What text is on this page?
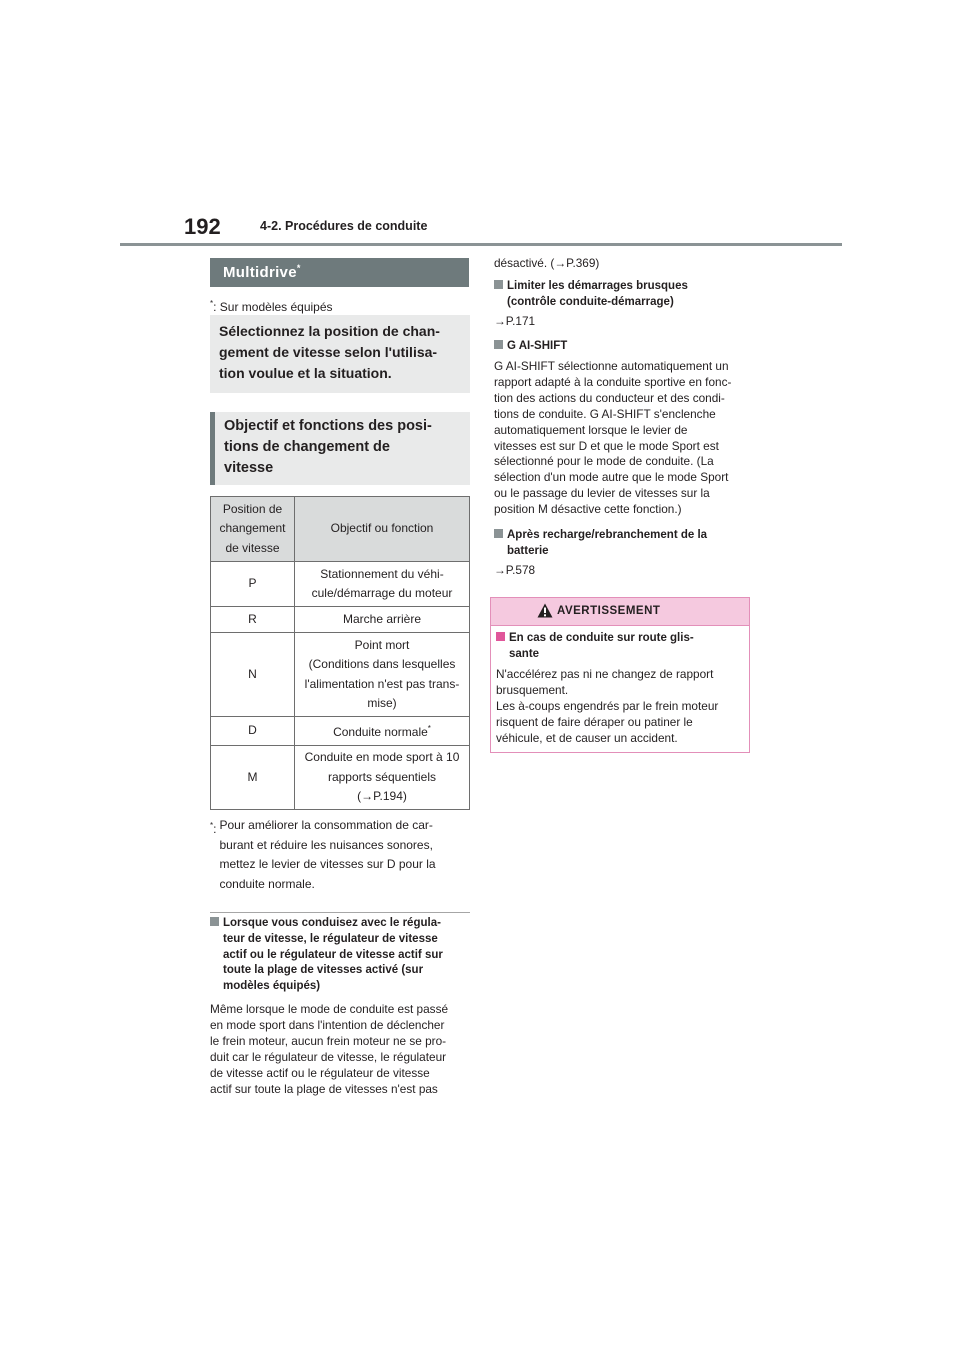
192	4-2. Procédures de conduite
Multidrive*
*: Sur modèles équipés
Sélectionnez la position de chan-
gement de vitesse selon l'utilisa-
tion voulue et la situation.
Objectif et fonctions des posi-
tions de changement de
vitesse
Position de
changement
de vitesse	Objectif ou fonction
P	Stationnement du véhi-
cule/démarrage du moteur

R	Marche arrière

N	Point mort
(Conditions dans lesquelles
l'alimentation n'est pas trans-
mise)

D	Conduite normale*
M	Conduite en mode sport à 10
rapports séquentiels
(→P.194)
*: Pour améliorer la consommation de car-
burant et réduire les nuisances sonores,
mettez le levier de vitesses sur D pour la
conduite normale.
Lorsque vous conduisez avec le régula-
teur de vitesse, le régulateur de vitesse
actif ou le régulateur de vitesse actif sur
toute la plage de vitesses activé (sur
modèles équipés)
Même lorsque le mode de conduite est passé
en mode sport dans l'intention de déclencher
le frein moteur, aucun frein moteur ne se pro-
duit car le régulateur de vitesse, le régulateur
de vitesse actif ou le régulateur de vitesse
actif sur toute la plage de vitesses n'est pas
désactivé. (→P.369)
Limiter les démarrages brusques
(contrôle conduite-démarrage)
→P.171
G AI-SHIFT
G AI-SHIFT sélectionne automatiquement un
rapport adapté à la conduite sportive en fonc-
tion des actions du conducteur et des condi-
tions de conduite. G AI-SHIFT s'enclenche
automatiquement lorsque le levier de
vitesses est sur D et que le mode Sport est
sélectionné pour le mode de conduite. (La
sélection d'un mode autre que le mode Sport
ou le passage du levier de vitesses sur la
position M désactive cette fonction.)
Après recharge/rebranchement de la
batterie
→P.578
AVERTISSEMENT
En cas de conduite sur route glis-
sante
N'accélérez pas ni ne changez de rapport
brusquement.
Les à-coups engendrés par le frein moteur
risquent de faire déraper ou patiner le
véhicule, et de causer un accident.
